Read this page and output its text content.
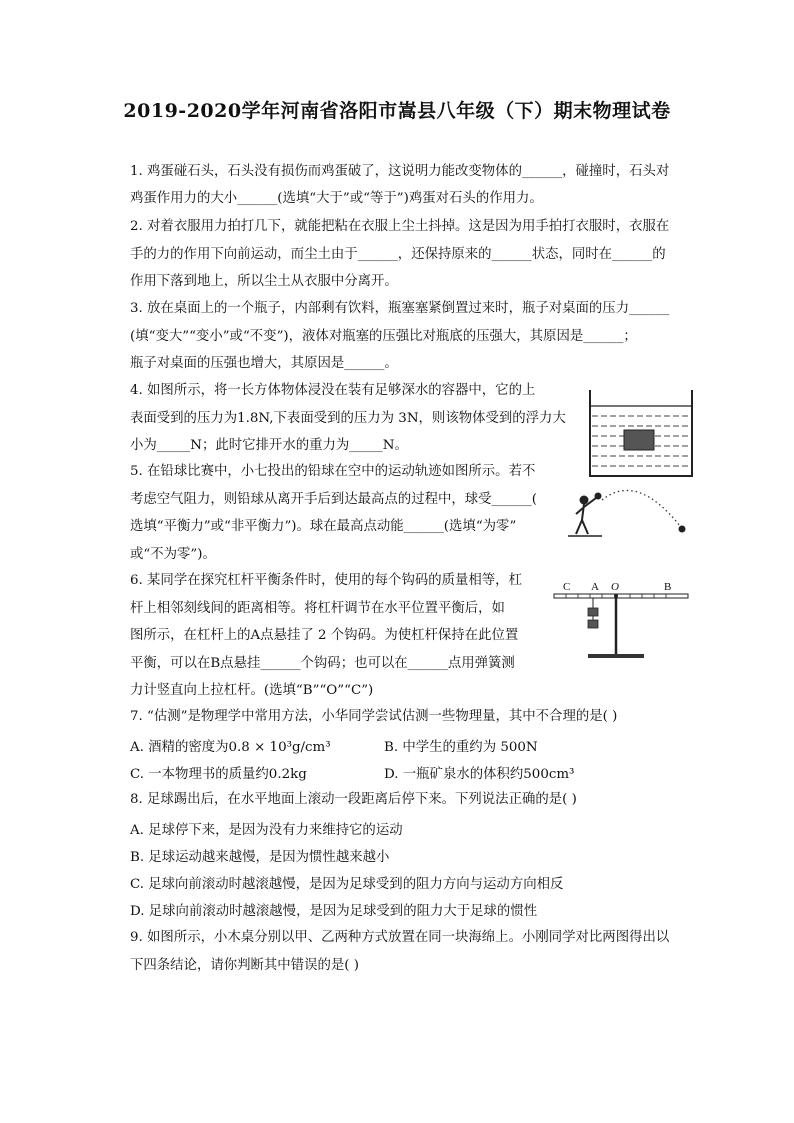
2019-2020学年河南省洛阳市嵩县八年级（下）期末物理试卷

1. 鸡蛋碰石头，石头没有损伤而鸡蛋破了，这说明力能改变物体的______，碰撞时，石头对

鸡蛋作用力的大小______(选填“大于”或“等于”)鸡蛋对石头的作用力。

2. 对着衣服用力拍打几下，就能把粘在衣服上尘土抖掉。这是因为用手拍打衣服时，衣服在

手的力的作用下向前运动，而尘土由于______，还保持原来的______状态，同时在______的

作用下落到地上，所以尘土从衣服中分离开。

3. 放在桌面上的一个瓶子，内部剩有饮料，瓶塞塞紧倒置过来时，瓶子对桌面的压力______

(填“变大”“变小”或“不变”)，液体对瓶塞的压强比对瓶底的压强大，其原因是______；

瓶子对桌面的压强也增大，其原因是______。

4. 如图所示，将一长方体物体浸没在装有足够深水的容器中，它的上

表面受到的压力为1.8N,下表面受到的压力为 3N，则该物体受到的浮力大

小为_____N；此时它排开水的重力为_____N。

5. 在铅球比赛中，小七投出的铅球在空中的运动轨迹如图所示。若不

考虑空气阻力，则铅球从离开手后到达最高点的过程中，球受______(

选填“平衡力”或“非平衡力”)。球在最高点动能______(选填“为零”

或“不为零”)。

6. 某同学在探究杠杆平衡条件时，使用的每个钩码的质量相等，杠

杆上相邻刻线间的距离相等。将杠杆调节在水平位置平衡后，如

图所示，在杠杆上的A点悬挂了 2 个钩码。为使杠杆保持在此位置

平衡，可以在B点悬挂______个钩码；也可以在______点用弹簧测

力计竖直向上拉杠杆。(选填“B”“O”“C”)

C A O	B

7. “估测”是物理学中常用方法，小华同学尝试估测一些物理量，其中不合理的是( )

A. 酒精的密度为0.8 × 10³g/cm³	B. 中学生的重约为 500N
C. 一本物理书的质量约0.2kg	D. 一瓶矿泉水的体积约500cm³

8. 足球踢出后，在水平地面上滚动一段距离后停下来。下列说法正确的是( )

A. 足球停下来，是因为没有力来维持它的运动
B. 足球运动越来越慢，是因为惯性越来越小
C. 足球向前滚动时越滚越慢，是因为足球受到的阻力方向与运动方向相反
D. 足球向前滚动时越滚越慢，是因为足球受到的阻力大于足球的惯性

9. 如图所示，小木桌分别以甲、乙两种方式放置在同一块海绵上。小刚同学对比两图得出以

下四条结论，请你判断其中错误的是( )
